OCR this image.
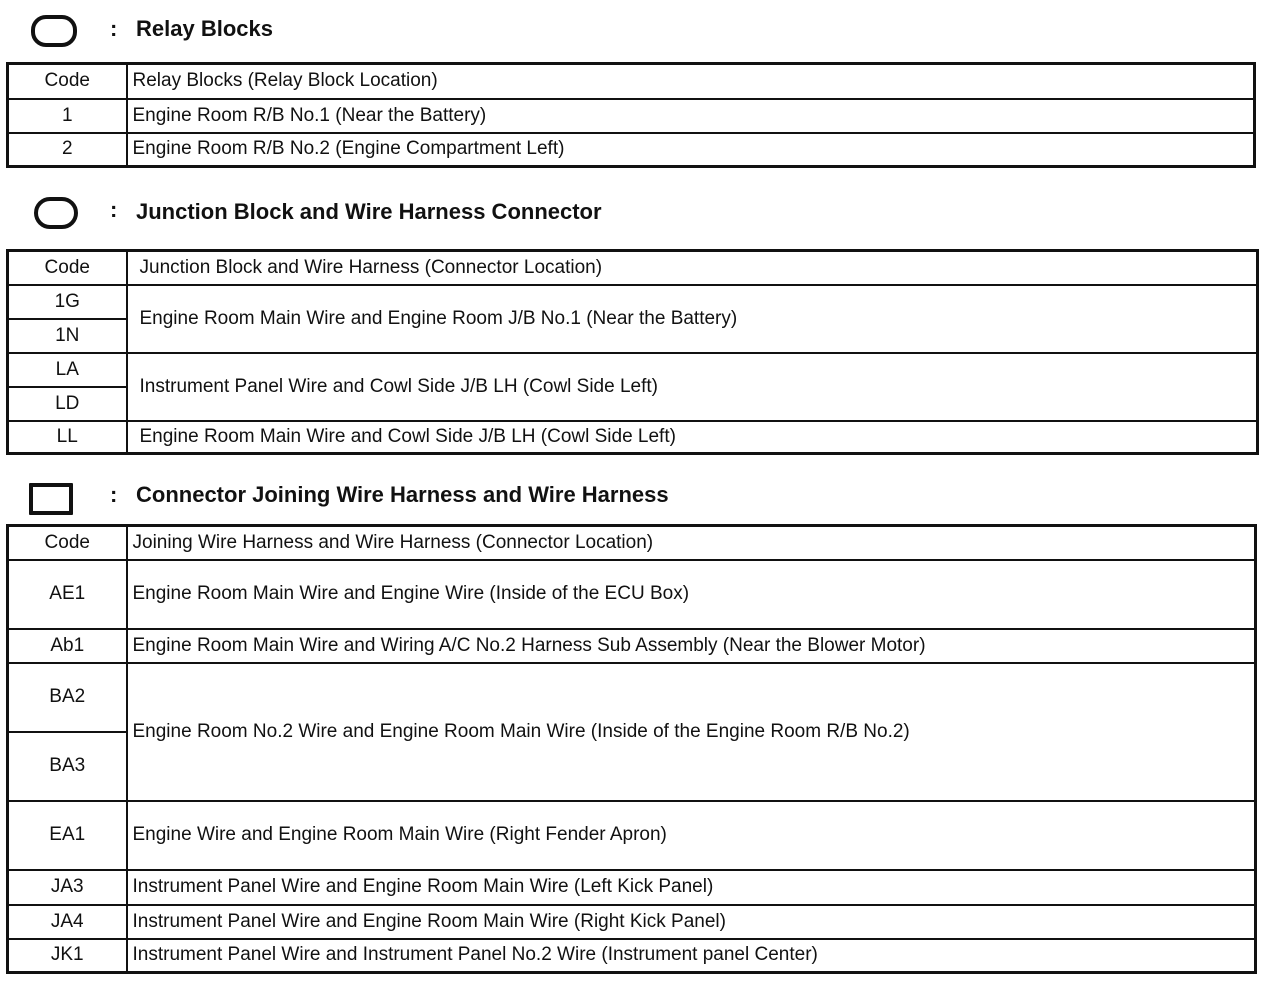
: Relay Blocks
Code	Relay Blocks (Relay Block Location)
1	Engine Room R/B No.1 (Near the Battery)
2	Engine Room R/B No.2 (Engine Compartment Left)
: Junction Block and Wire Harness Connector
Code	Junction Block and Wire Harness (Connector Location)
1G	Engine Room Main Wire and Engine Room J/B No.1 (Near the Battery)
1N	
LA	Instrument Panel Wire and Cowl Side J/B LH (Cowl Side Left)
LD	
LL	Engine Room Main Wire and Cowl Side J/B LH (Cowl Side Left)
: Connector Joining Wire Harness and Wire Harness
Code	Joining Wire Harness and Wire Harness (Connector Location)
AE1	Engine Room Main Wire and Engine Wire (Inside of the ECU Box)
Ab1	Engine Room Main Wire and Wiring A/C No.2 Harness Sub Assembly (Near the Blower Motor)
BA2	Engine Room No.2 Wire and Engine Room Main Wire (Inside of the Engine Room R/B No.2)
BA3	
EA1	Engine Wire and Engine Room Main Wire (Right Fender Apron)
JA3	Instrument Panel Wire and Engine Room Main Wire (Left Kick Panel)
JA4	Instrument Panel Wire and Engine Room Main Wire (Right Kick Panel)
JK1	Instrument Panel Wire and Instrument Panel No.2 Wire (Instrument panel Center)
